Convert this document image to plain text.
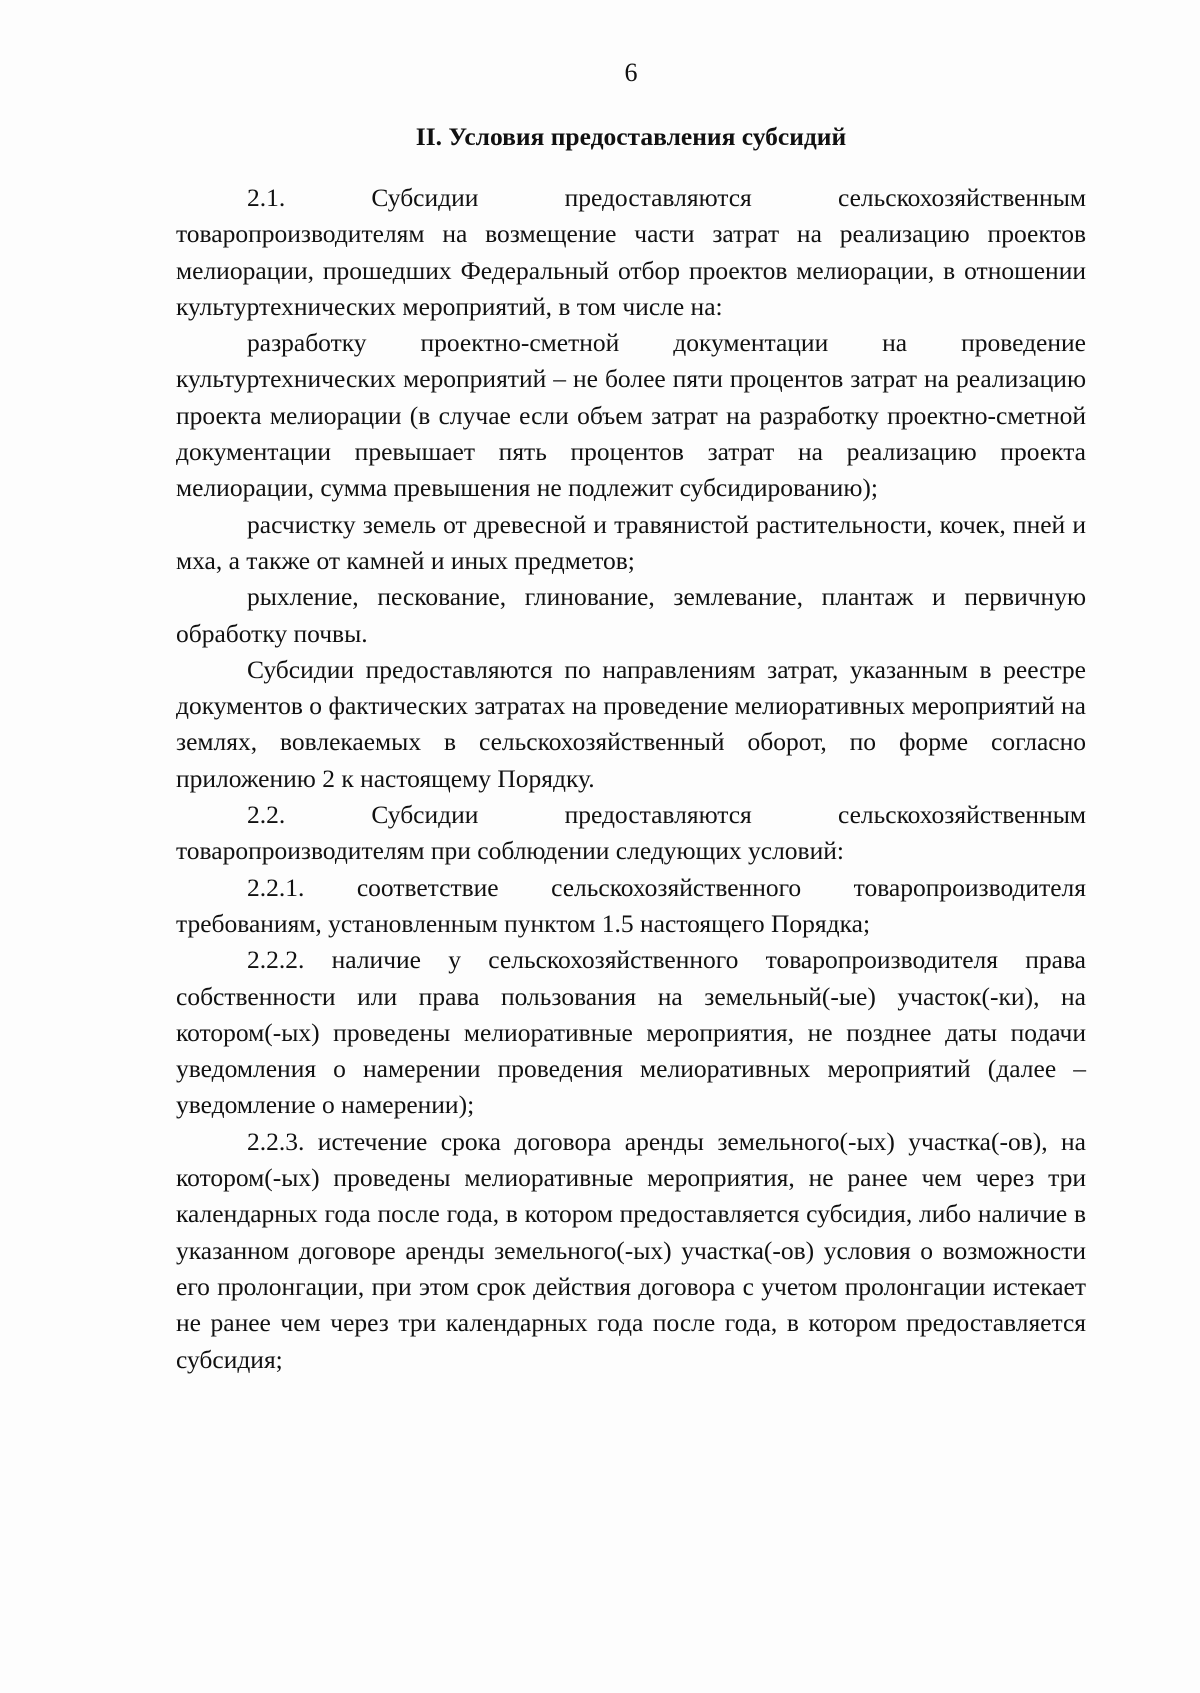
6
II. Условия предоставления субсидий

2.1. Субсидии предоставляются сельскохозяйственным товаропроизводителям на возмещение части затрат на реализацию проектов мелиорации, прошедших Федеральный отбор проектов мелиорации, в отношении культуртехнических мероприятий, в том числе на:

разработку проектно-сметной документации на проведение культуртехнических мероприятий – не более пяти процентов затрат на реализацию проекта мелиорации (в случае если объем затрат на разработку проектно-сметной документации превышает пять процентов затрат на реализацию проекта мелиорации, сумма превышения не подлежит субсидированию);

расчистку земель от древесной и травянистой растительности, кочек, пней и мха, а также от камней и иных предметов;

рыхление, пескование, глинование, землевание, плантаж и первичную обработку почвы.

Субсидии предоставляются по направлениям затрат, указанным в реестре документов о фактических затратах на проведение мелиоративных мероприятий на землях, вовлекаемых в сельскохозяйственный оборот, по форме согласно приложению 2 к настоящему Порядку.

2.2. Субсидии предоставляются сельскохозяйственным товаропроизводителям при соблюдении следующих условий:

2.2.1. соответствие сельскохозяйственного товаропроизводителя требованиям, установленным пунктом 1.5 настоящего Порядка;

2.2.2. наличие у сельскохозяйственного товаропроизводителя права собственности или права пользования на земельный(-ые) участок(-ки), на котором(-ых) проведены мелиоративные мероприятия, не позднее даты подачи уведомления о намерении проведения мелиоративных мероприятий (далее – уведомление о намерении);

2.2.3. истечение срока договора аренды земельного(-ых) участка(-ов), на котором(-ых) проведены мелиоративные мероприятия, не ранее чем через три календарных года после года, в котором предоставляется субсидия, либо наличие в указанном договоре аренды земельного(-ых) участка(-ов) условия о возможности его пролонгации, при этом срок действия договора с учетом пролонгации истекает не ранее чем через три календарных года после года, в котором предоставляется субсидия;
